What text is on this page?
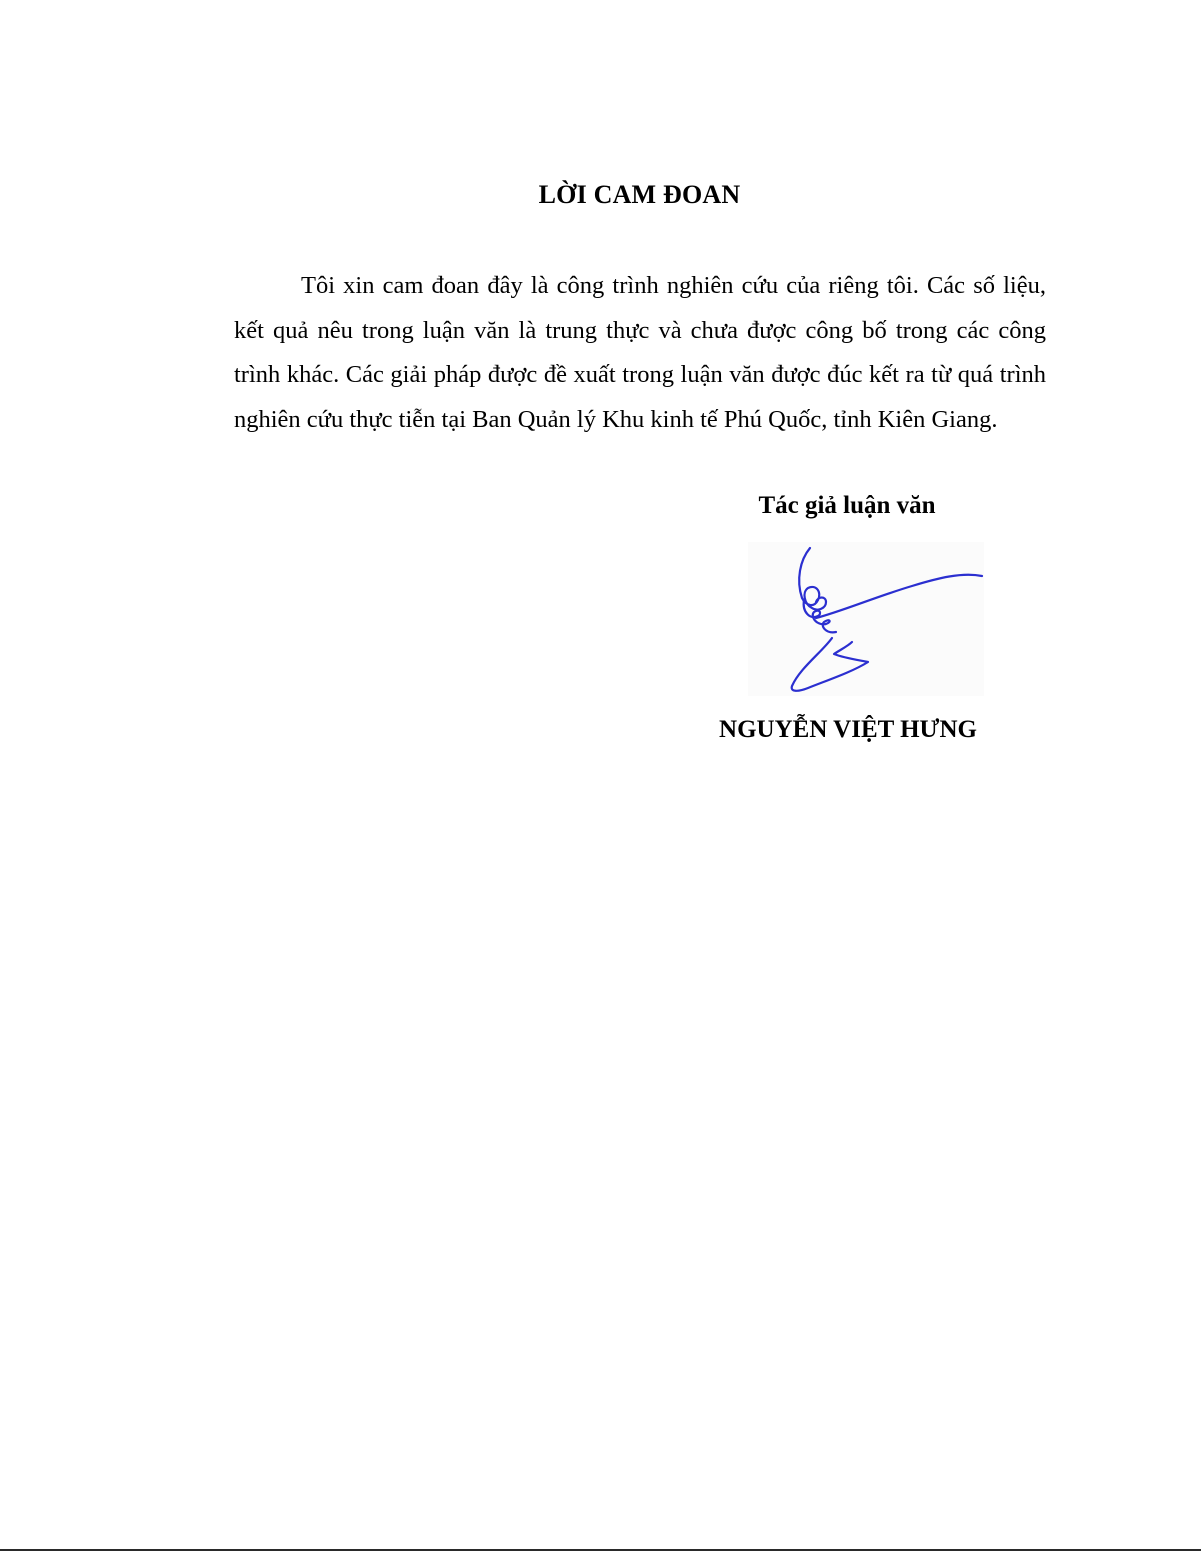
LỜI CAM ĐOAN

Tôi xin cam đoan đây là công trình nghiên cứu của riêng tôi. Các số liệu, kết quả nêu trong luận văn là trung thực và chưa được công bố trong các công trình khác. Các giải pháp được đề xuất trong luận văn được đúc kết ra từ quá trình nghiên cứu thực tiễn tại Ban Quản lý Khu kinh tế Phú Quốc, tỉnh Kiên Giang.

Tác giả luận văn
NGUYỄN VIỆT HƯNG
